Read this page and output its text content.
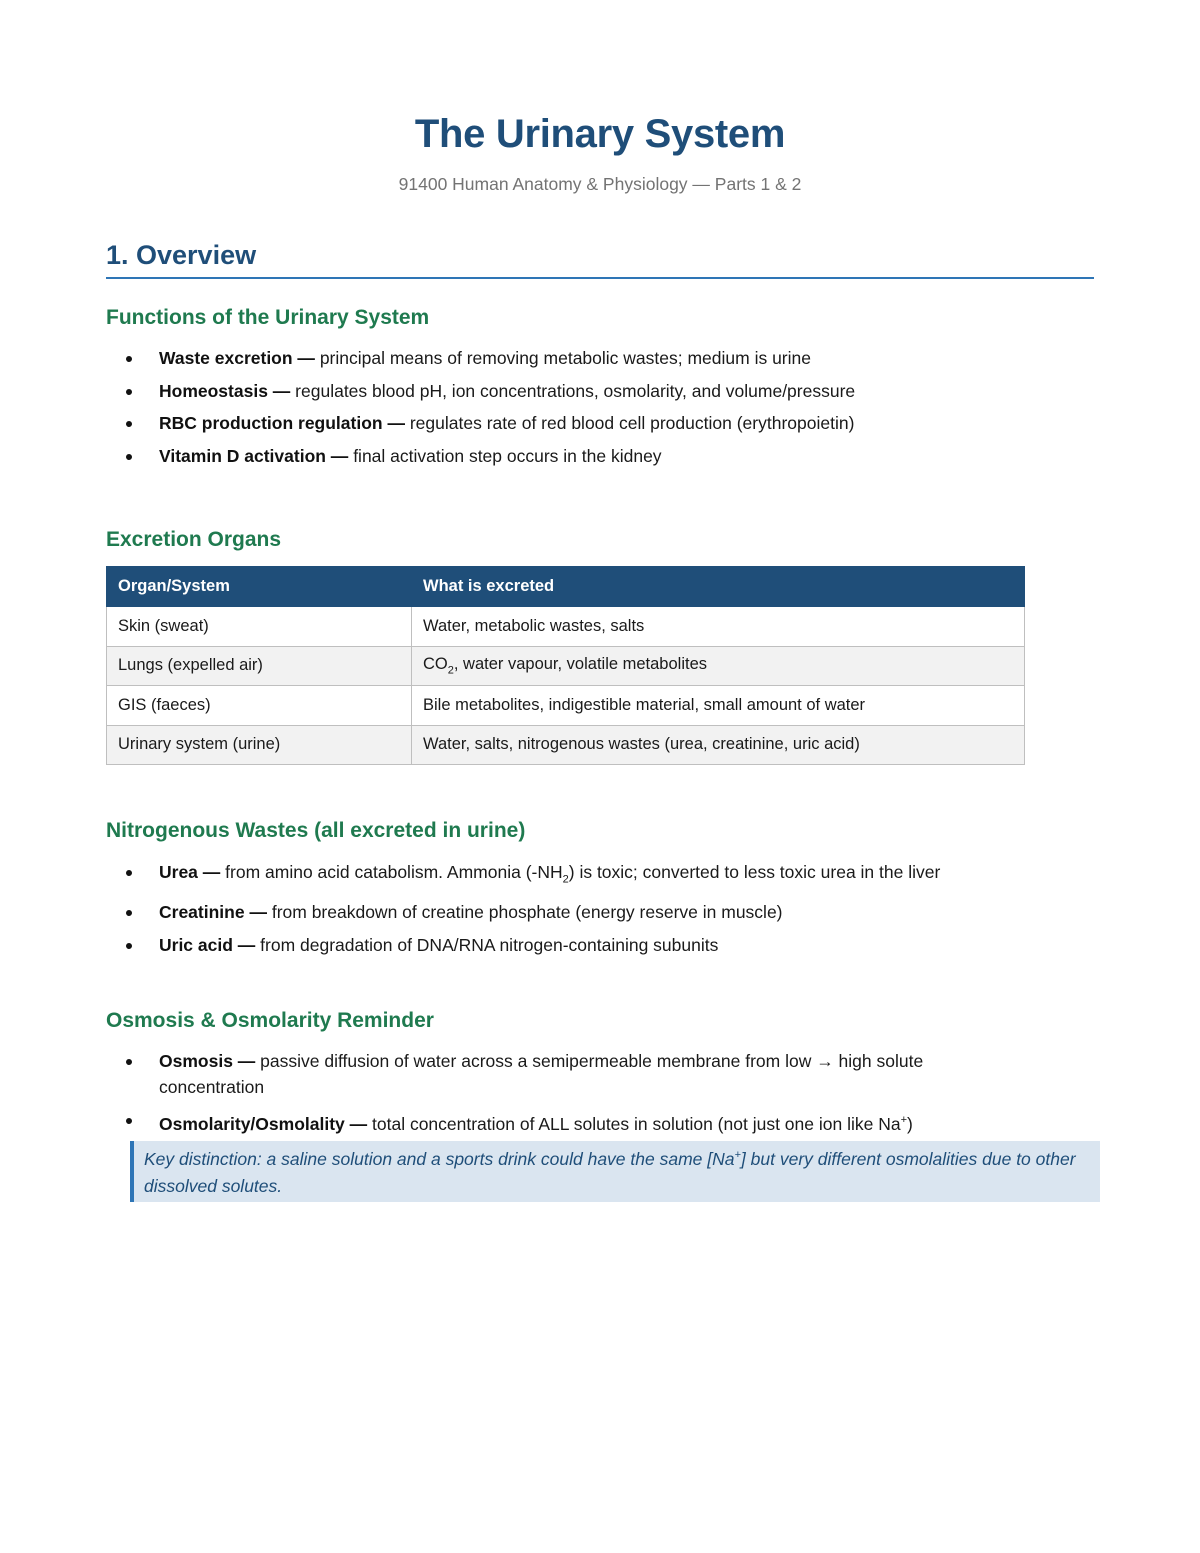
The Urinary System
91400 Human Anatomy & Physiology — Parts 1 & 2
1. Overview
Functions of the Urinary System
Waste excretion — principal means of removing metabolic wastes; medium is urine
Homeostasis — regulates blood pH, ion concentrations, osmolarity, and volume/pressure
RBC production regulation — regulates rate of red blood cell production (erythropoietin)
Vitamin D activation — final activation step occurs in the kidney
Excretion Organs
Organ/System	What is excreted
Skin (sweat)	Water, metabolic wastes, salts
Lungs (expelled air)	$CO_2$, water vapour, volatile metabolites
GIS (faeces)	Bile metabolites, indigestible material, small amount of water
Urinary system (urine)	Water, salts, nitrogenous wastes (urea, creatinine, uric acid)
Nitrogenous Wastes (all excreted in urine)
Urea — from amino acid catabolism. Ammonia $(-NH_2)$ is toxic; converted to less toxic urea in the liver
Creatinine — from breakdown of creatine phosphate (energy reserve in muscle)
Uric acid — from degradation of DNA/RNA nitrogen-containing subunits
Osmosis & Osmolarity Reminder
Osmosis — passive diffusion of water across a semipermeable membrane from low → high solute concentration
Osmolarity/Osmolality — total concentration of ALL solutes in solution (not just one ion like Na+)
Key distinction: a saline solution and a sports drink could have the same [Na+] but very different osmolalities due to other dissolved solutes.
